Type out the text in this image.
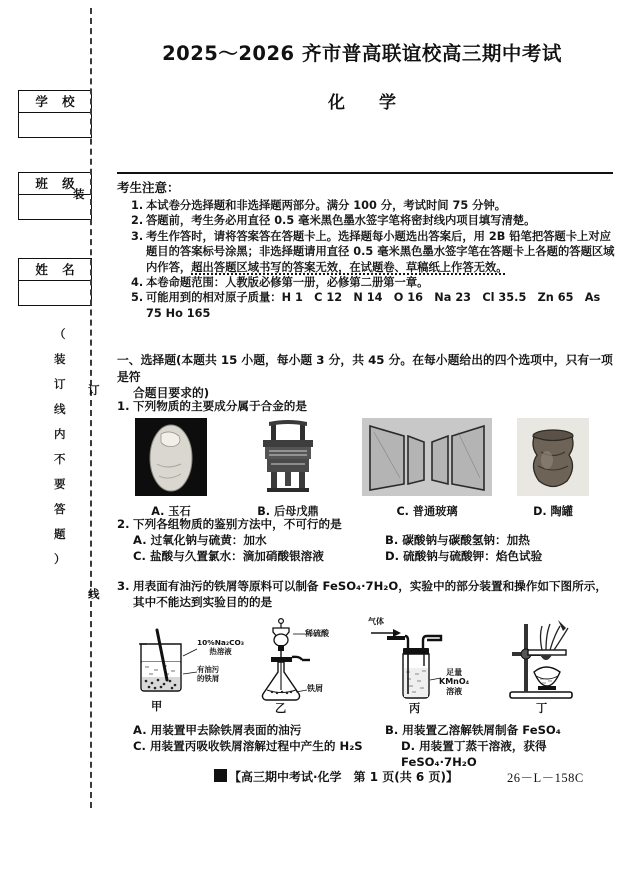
学 校
班 级
姓 名
装
订
线
（
装
订
线
内
不
要
答
题
）
2025～2026 齐市普高联谊校高三期中考试
化 学
考生注意：
1. 本试卷分选择题和非选择题两部分。满分 100 分，考试时间 75 分钟。
2. 答题前，考生务必用直径 0.5 毫米黑色墨水签字笔将密封线内项目填写清楚。
3. 考生作答时，请将答案答在答题卡上。选择题每小题选出答案后，用 2B 铅笔把答题卡上对应题目的答案标号涂黑；非选择题请用直径 0.5 毫米黑色墨水签字笔在答题卡上各题的答题区域内作答，超出答题区域书写的答案无效，在试题卷、草稿纸上作答无效。
4. 本卷命题范围：人教版必修第一册，必修第二册第一章。
5. 可能用到的相对原子质量：H 1　C 12　N 14　O 16　Na 23　Cl 35.5　Zn 65　As 75 Ho 165
一、选择题(本题共 15 小题，每小题 3 分，共 45 分。在每小题给出的四个选项中，只有一项是符
合题目要求的)
1. 下列物质的主要成分属于合金的是
A. 玉石	B. 后母戊鼎	C. 普通玻璃	D. 陶罐
2. 下列各组物质的鉴别方法中，不可行的是
A. 过氧化钠与硫黄：加水	B. 碳酸钠与碳酸氢钠：加热
C. 盐酸与久置氯水：滴加硝酸银溶液	D. 硫酸钠与硫酸钾：焰色试验
3. 用表面有油污的铁屑等原料可以制备 FeSO₄·7H₂O，实验中的部分装置和操作如下图所示，
其中不能达到实验目的的是
10%Na₂CO₃
热溶液
有油污
的铁屑
甲
稀硫酸
铁屑
乙
气体
足量
KMnO₄
溶液
丙	丁
A. 用装置甲去除铁屑表面的油污	B. 用装置乙溶解铁屑制备 FeSO₄
C. 用装置丙吸收铁屑溶解过程中产生的 H₂S	D. 用装置丁蒸干溶液，获得 FeSO₄·7H₂O
【高三期中考试·化学　第 1 页(共 6 页)】	26－L－158C
